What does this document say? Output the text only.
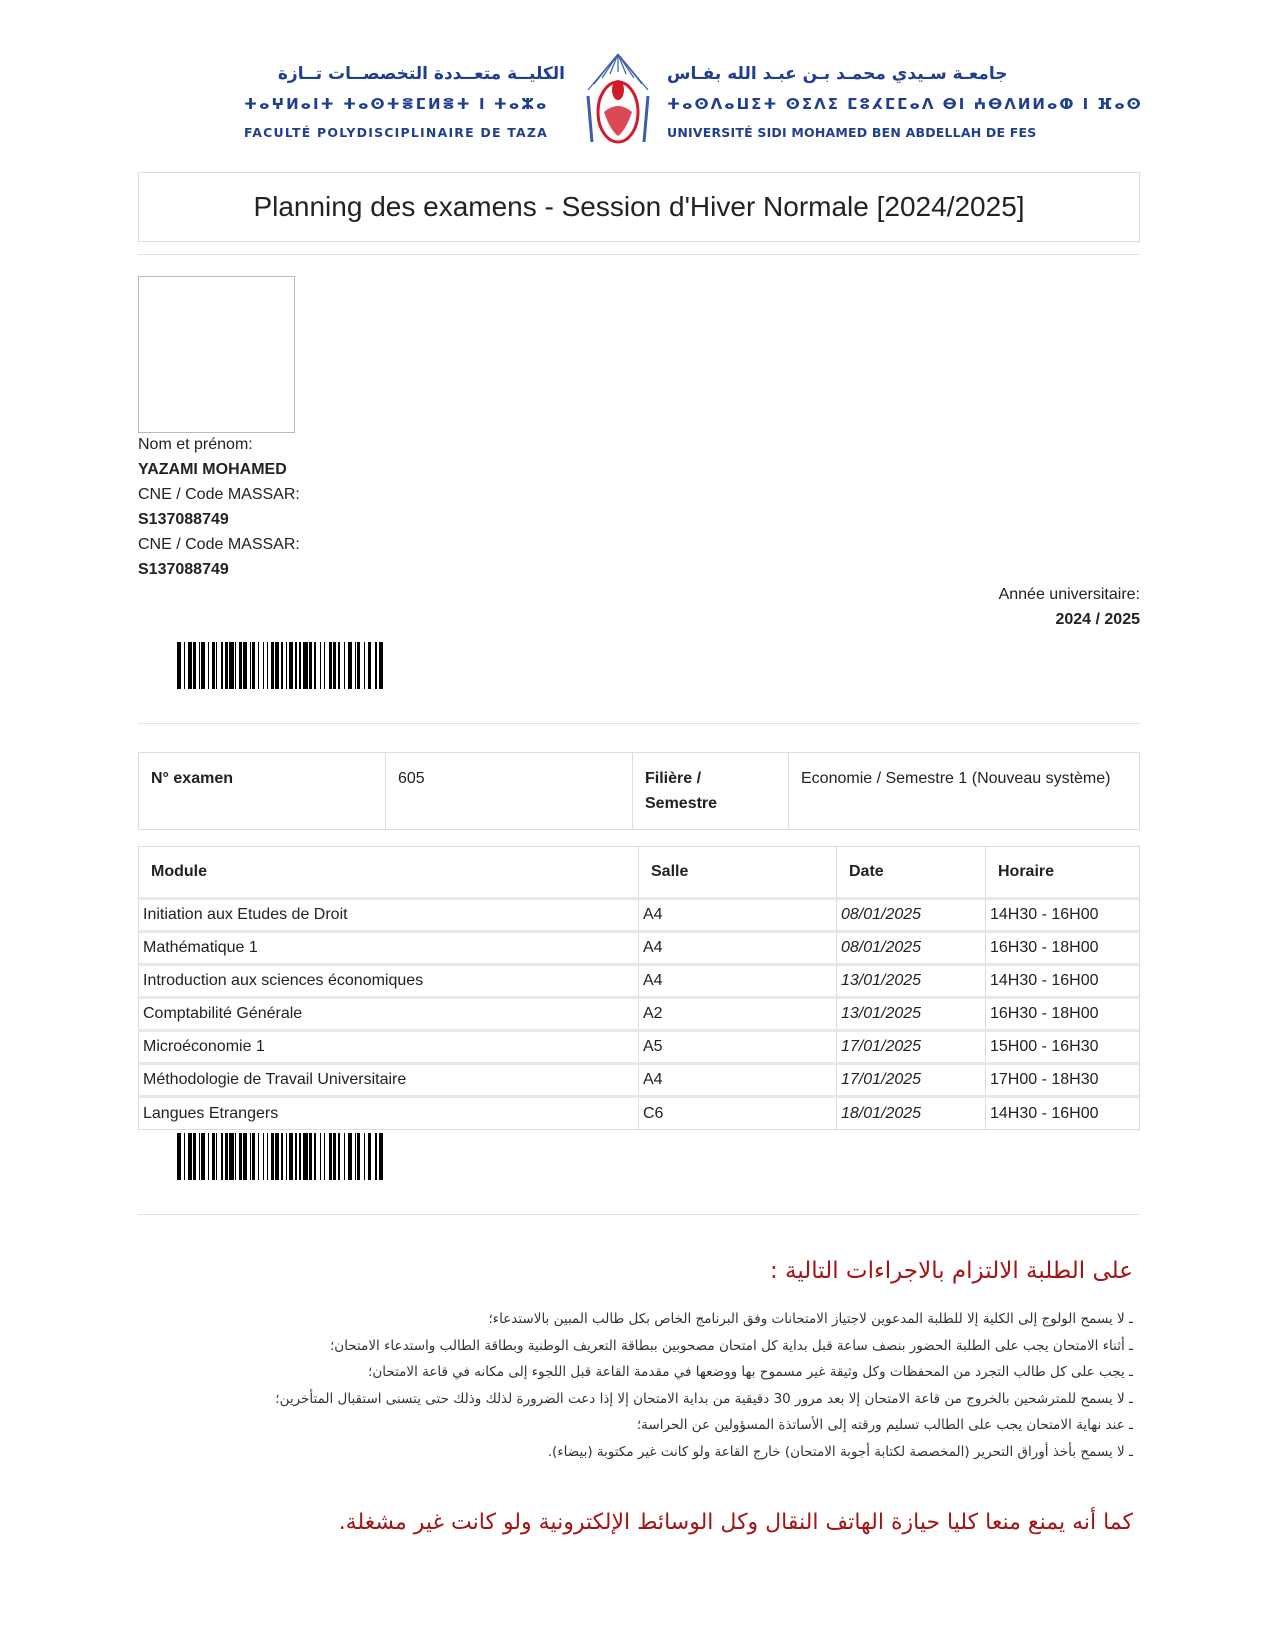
الكليــة متعــددة التخصصــات تــازة
ⵜⴰⵖⵍⴰⵏⵜ ⵜⴰⵙⵜⴻⵎⵍⴻⵜ ⵏ ⵜⴰⵣⴰ
FACULTÉ POLYDISCIPLINAIRE DE TAZA
جامعـة سـيدي محمـد بـن عبـد الله بفـاس
ⵜⴰⵙⴷⴰⵡⵉⵜ ⵙⵉⴷⵉ ⵎⵓⵃⵎⵎⴰⴷ ⴱⵏ ⵄⴱⴷⵍⵍⴰⵀ ⵏ ⴼⴰⵙ
UNIVERSITÉ SIDI MOHAMED BEN ABDELLAH DE FES
Planning des examens - Session d'Hiver Normale [2024/2025]
Nom et prénom:
YAZAMI MOHAMED
CNE / Code MASSAR:
S137088749
CNE / Code MASSAR:
S137088749
Année universitaire:
2024 / 2025
N° examen	605	Filière / Semestre	Economie / Semestre 1 (Nouveau système)
Module	Salle	Date	Horaire
Initiation aux Etudes de Droit	A4	08/01/2025	14H30 - 16H00
Mathématique 1	A4	08/01/2025	16H30 - 18H00
Introduction aux sciences économiques	A4	13/01/2025	14H30 - 16H00
Comptabilité Générale	A2	13/01/2025	16H30 - 18H00
Microéconomie 1	A5	17/01/2025	15H00 - 16H30
Méthodologie de Travail Universitaire	A4	17/01/2025	17H00 - 18H30
Langues Etrangers	C6	18/01/2025	14H30 - 16H00
على الطلبة الالتزام بالاجراءات التالية :
ـ لا يسمح الولوج إلى الكلية إلا للطلبة المدعوين لاجتياز الامتحانات وفق البرنامج الخاص بكل طالب المبين بالاستدعاء؛
ـ أثناء الامتحان يجب على الطلبة الحضور بنصف ساعة قبل بداية كل امتحان مصحوبين ببطاقة التعريف الوطنية وبطاقة الطالب واستدعاء الامتحان؛
ـ يجب على كل طالب التجرد من المحفظات وكل وثيقة غير مسموح بها ووضعها في مقدمة القاعة قبل اللجوء إلى مكانه في قاعة الامتحان؛
ـ لا يسمح للمترشحين بالخروج من قاعة الامتحان إلا بعد مرور 30 دقيقية من بداية الامتحان إلا إذا دعت الضرورة لذلك وذلك حتى يتسنى استقبال المتأخرين؛
ـ عند نهاية الامتحان يجب على الطالب تسليم ورقته إلى الأساتذة المسؤولين عن الحراسة؛
ـ لا يسمح بأخذ أوراق التحرير (المخصصة لكتابة أجوبة الامتحان) خارج القاعة ولو كانت غير مكتوبة (بيضاء).
كما أنه يمنع منعا كليا حيازة الهاتف النقال وكل الوسائط الإلكترونية ولو كانت غير مشغلة.
